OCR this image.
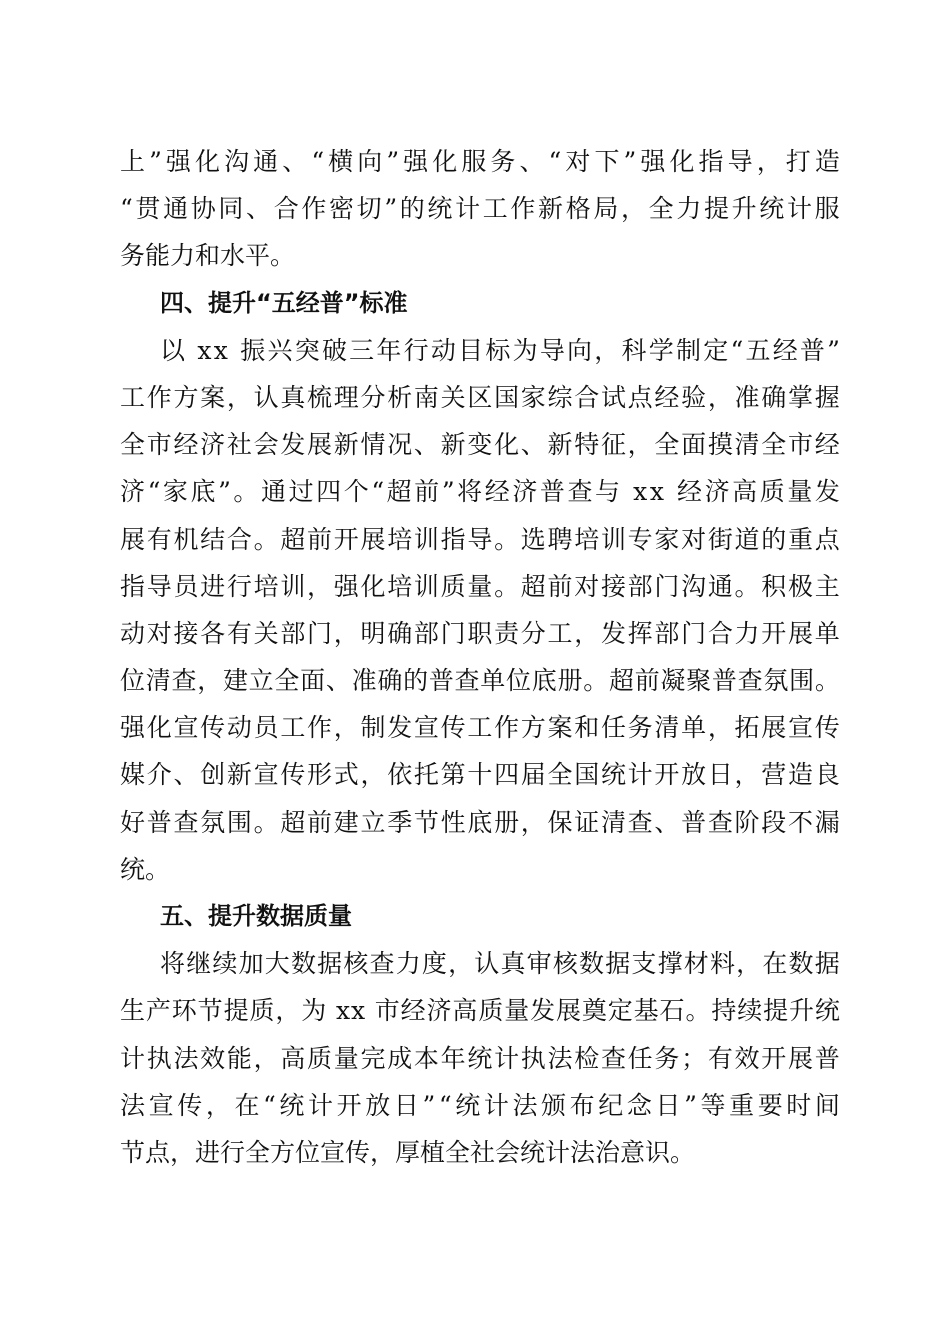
上 ” 强 化 沟 通 、 “ 横 向 ” 强 化 服 务 、 “ 对 下 ” 强 化 指 导 ， 打 造
“ 贯 通 协 同 、 合 作 密 切 ” 的 统 计 工 作 新 格 局 ， 全 力 提 升 统 计 服
务能力和水平。
四、提升“五经普”标准
以
x x
振 兴 突 破 三 年 行 动 目 标 为 导 向 ， 科 学 制 定 “ 五 经 普 ”
工 作 方 案 ， 认 真 梳 理 分 析 南 关 区 国 家 综 合 试 点 经 验 ， 准 确 掌 握
全 市 经 济 社 会 发 展 新 情 况 、 新 变 化 、 新 特 征 ， 全 面 摸 清 全 市 经
济 “ 家 底 ” 。 通 过 四 个 “ 超 前 ” 将 经 济 普 查 与
x x
经 济 高 质 量 发
展 有 机 结 合 。 超 前 开 展 培 训 指 导 。 选 聘 培 训 专 家 对 街 道 的 重 点
指 导 员 进 行 培 训 ， 强 化 培 训 质 量 。 超 前 对 接 部 门 沟 通 。 积 极 主
动 对 接 各 有 关 部 门 ， 明 确 部 门 职 责 分 工 ， 发 挥 部 门 合 力 开 展 单
位 清 查 ， 建 立 全 面 、 准 确 的 普 查 单 位 底 册 。 超 前 凝 聚 普 查 氛 围 。
强 化 宣 传 动 员 工 作 ， 制 发 宣 传 工 作 方 案 和 任 务 清 单 ， 拓 展 宣 传
媒 介 、 创 新 宣 传 形 式 ， 依 托 第 十 四 届 全 国 统 计 开 放 日 ， 营 造 良
好 普 查 氛 围 。 超 前 建 立 季 节 性 底 册 ， 保 证 清 查 、 普 查 阶 段 不 漏
统。
五、提升数据质量
将 继 续 加 大 数 据 核 查 力 度 ， 认 真 审 核 数 据 支 撑 材 料 ， 在 数 据
生 产 环 节 提 质 ， 为
x x
市 经 济 高 质 量 发 展 奠 定 基 石 。 持 续 提 升 统
计 执 法 效 能 ， 高 质 量 完 成 本 年 统 计 执 法 检 查 任 务 ； 有 效 开 展 普
法 宣 传 ， 在 “ 统 计 开 放 日 ” “ 统 计 法 颁 布 纪 念 日 ” 等 重 要 时 间
节点，进行全方位宣传，厚植全社会统计法治意识。
